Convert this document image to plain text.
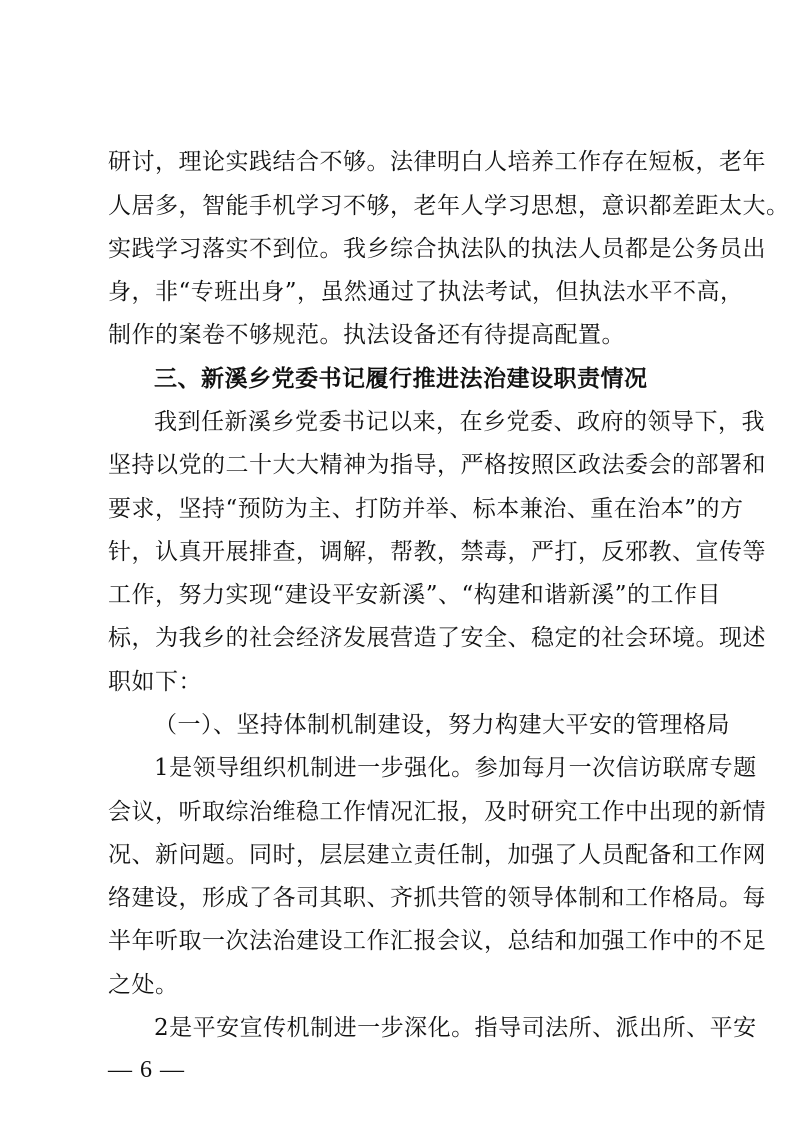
研讨，理论实践结合不够。法律明白人培养工作存在短板，老年
人居多，智能手机学习不够，老年人学习思想，意识都差距太大。
实践学习落实不到位。我乡综合执法队的执法人员都是公务员出
身，非“专班出身”，虽然通过了执法考试，但执法水平不高，
制作的案卷不够规范。执法设备还有待提高配置。
三、新溪乡党委书记履行推进法治建设职责情况
我到任新溪乡党委书记以来，在乡党委、政府的领导下，我
坚持以党的二十大大精神为指导，严格按照区政法委会的部署和
要求，坚持“预防为主、打防并举、标本兼治、重在治本”的方
针，认真开展排查，调解，帮教，禁毒，严打，反邪教、宣传等
工作，努力实现“建设平安新溪”、“构建和谐新溪”的工作目
标，为我乡的社会经济发展营造了安全、稳定的社会环境。现述
职如下：
（一）、坚持体制机制建设，努力构建大平安的管理格局
1是领导组织机制进一步强化。参加每月一次信访联席专题
会议，听取综治维稳工作情况汇报，及时研究工作中出现的新情
况、新问题。同时，层层建立责任制，加强了人员配备和工作网
络建设，形成了各司其职、齐抓共管的领导体制和工作格局。每
半年听取一次法治建设工作汇报会议，总结和加强工作中的不足
之处。
— 6 —
2是平安宣传机制进一步深化。指导司法所、派出所、平安
